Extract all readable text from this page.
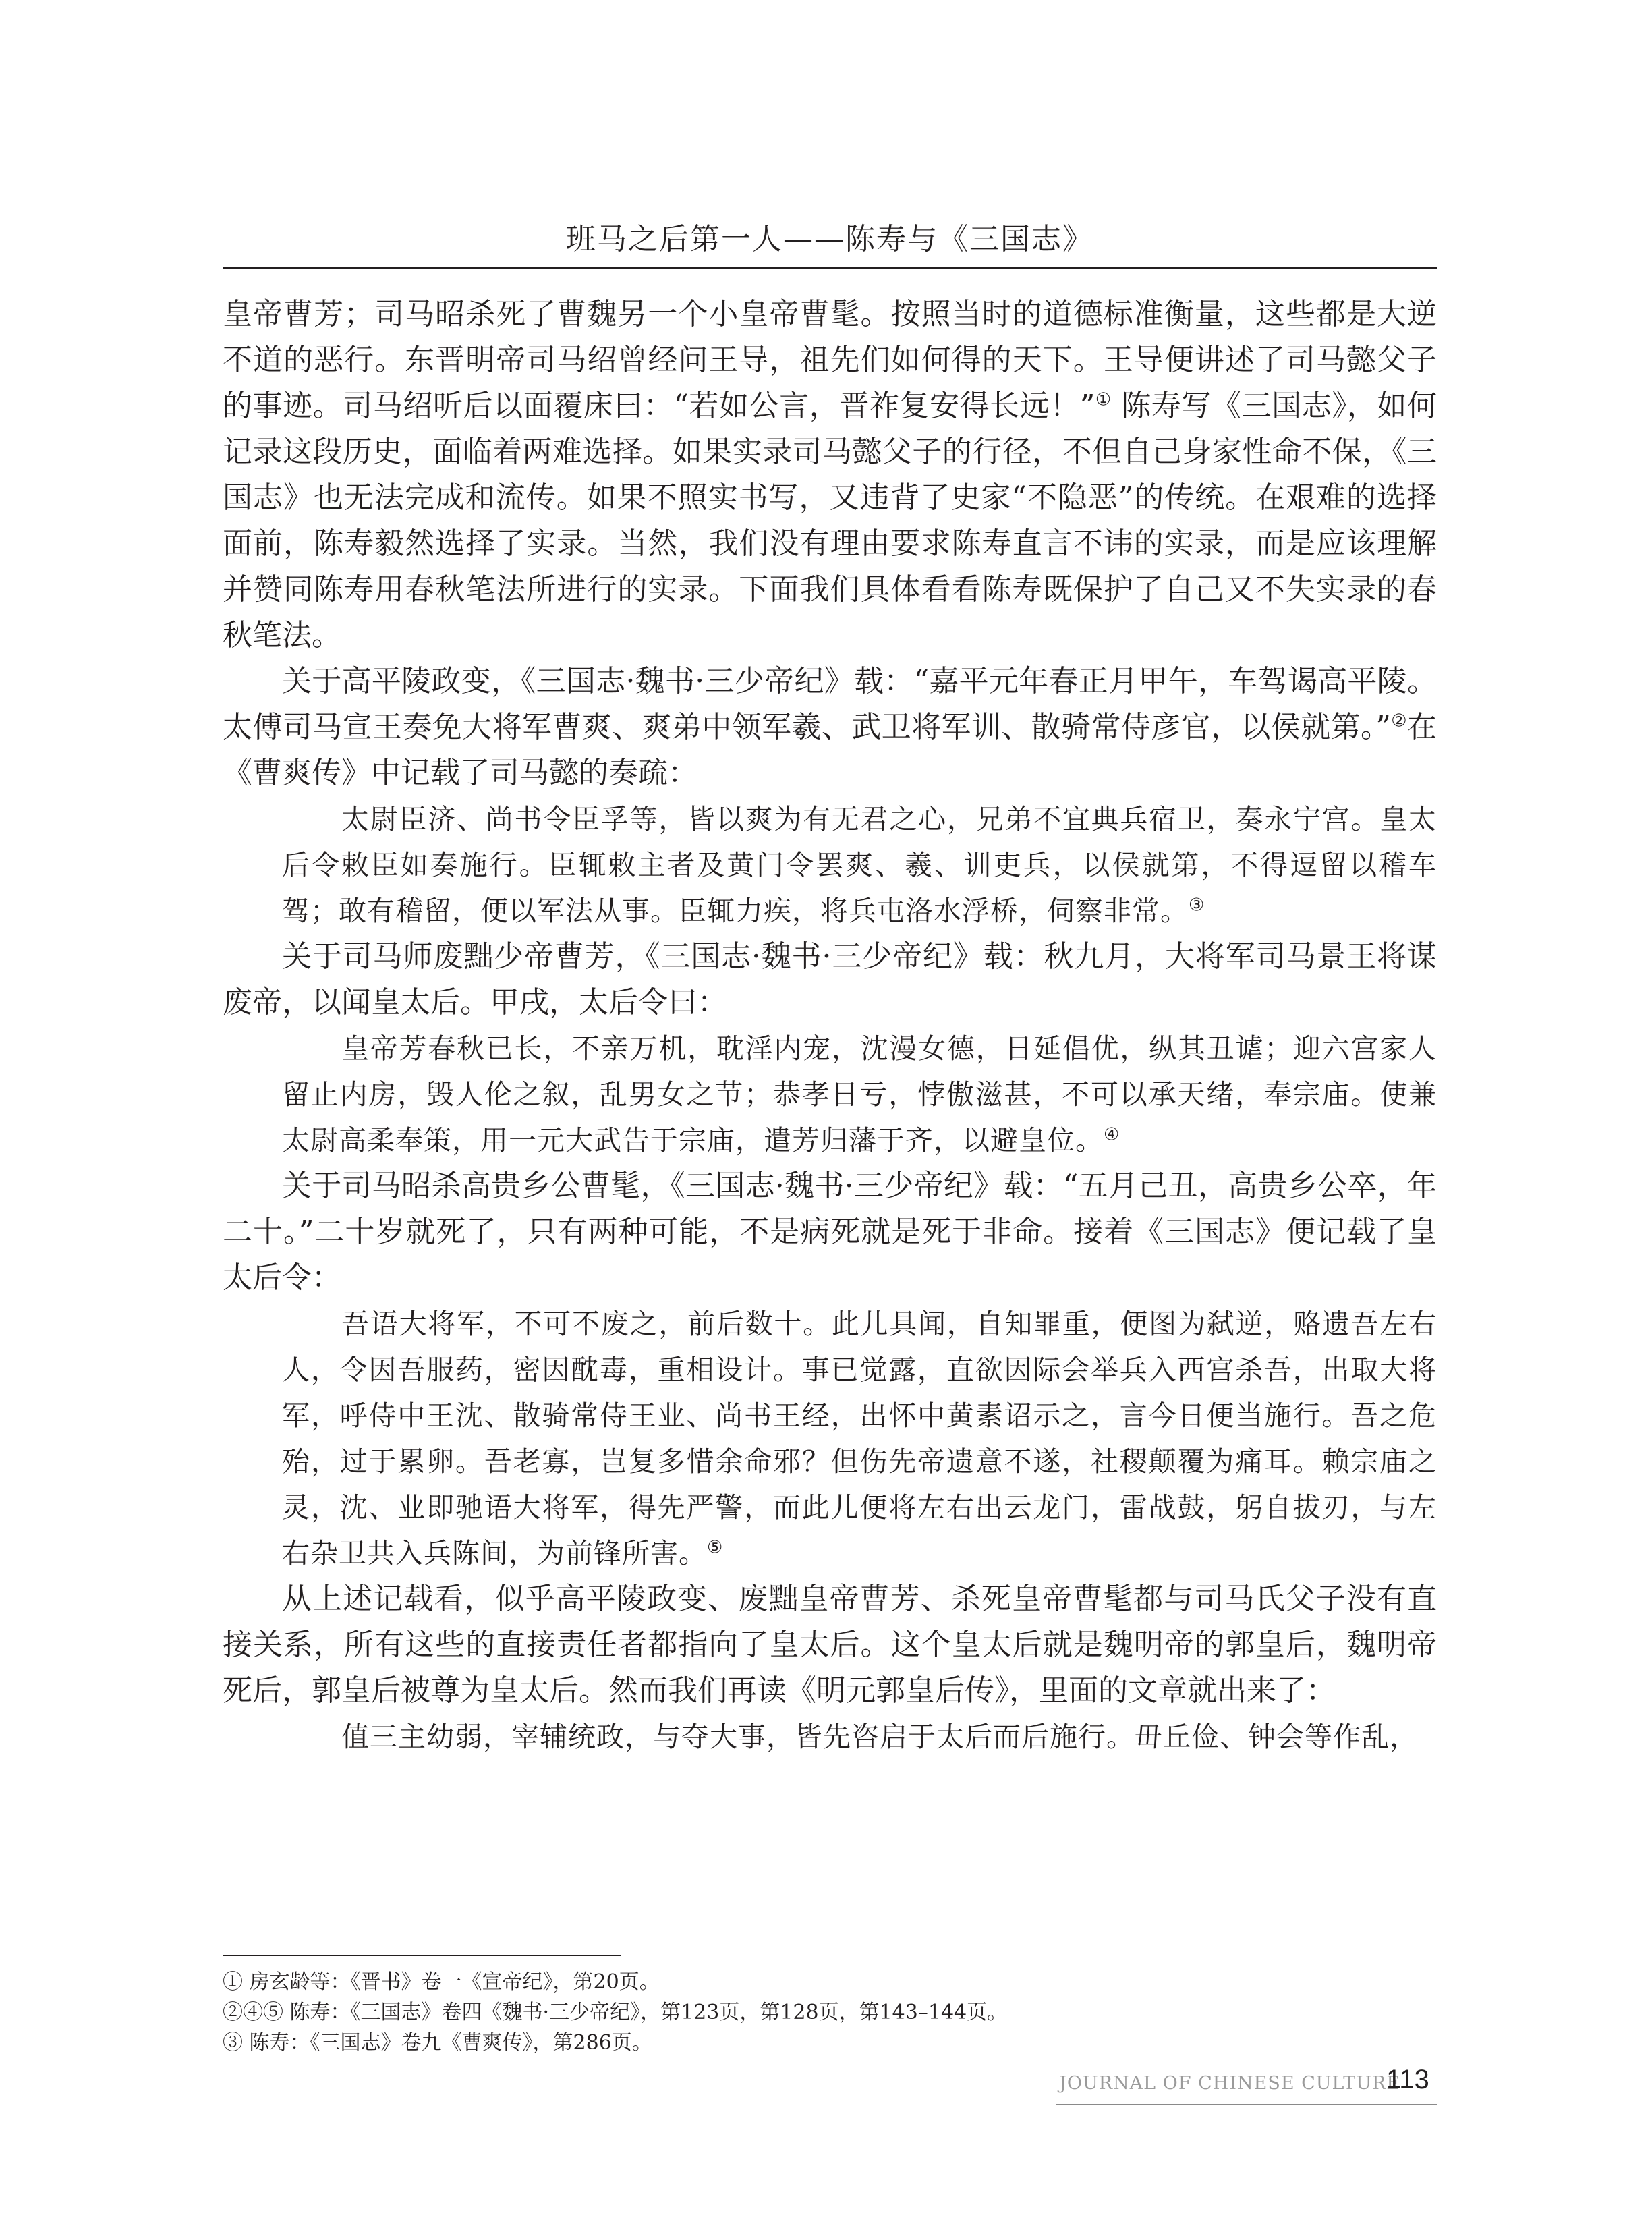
班马之后第一人——陈寿与《三国志》

皇帝曹芳；司马昭杀死了曹魏另一个小皇帝曹髦。按照当时的道德标准衡量，这些都是大逆不道的恶行。东晋明帝司马绍曾经问王导，祖先们如何得的天下。王导便讲述了司马懿父子的事迹。司马绍听后以面覆床曰：“若如公言，晋祚复安得长远！”① 陈寿写《三国志》，如何记录这段历史，面临着两难选择。如果实录司马懿父子的行径，不但自己身家性命不保，《三国志》也无法完成和流传。如果不照实书写，又违背了史家“不隐恶”的传统。在艰难的选择面前，陈寿毅然选择了实录。当然，我们没有理由要求陈寿直言不讳的实录，而是应该理解并赞同陈寿用春秋笔法所进行的实录。下面我们具体看看陈寿既保护了自己又不失实录的春秋笔法。

关于高平陵政变，《三国志·魏书·三少帝纪》载：“嘉平元年春正月甲午，车驾谒高平陵。太傅司马宣王奏免大将军曹爽、爽弟中领军羲、武卫将军训、散骑常侍彦官，以侯就第。”②在《曹爽传》中记载了司马懿的奏疏：

太尉臣济、尚书令臣孚等，皆以爽为有无君之心，兄弟不宜典兵宿卫，奏永宁宫。皇太后令敕臣如奏施行。臣辄敕主者及黄门令罢爽、羲、训吏兵，以侯就第，不得逗留以稽车驾；敢有稽留，便以军法从事。臣辄力疾，将兵屯洛水浮桥，伺察非常。③

关于司马师废黜少帝曹芳，《三国志·魏书·三少帝纪》载：秋九月，大将军司马景王将谋废帝，以闻皇太后。甲戌，太后令曰：

皇帝芳春秋已长，不亲万机，耽淫内宠，沈漫女德，日延倡优，纵其丑谑；迎六宫家人留止内房，毁人伦之叙，乱男女之节；恭孝日亏，悖傲滋甚，不可以承天绪，奉宗庙。使兼太尉高柔奉策，用一元大武告于宗庙，遣芳归藩于齐，以避皇位。④

关于司马昭杀高贵乡公曹髦，《三国志·魏书·三少帝纪》载：“五月己丑，高贵乡公卒，年二十。”二十岁就死了，只有两种可能，不是病死就是死于非命。接着《三国志》便记载了皇太后令：

吾语大将军，不可不废之，前后数十。此儿具闻，自知罪重，便图为弑逆，赂遗吾左右人，令因吾服药，密因酖毒，重相设计。事已觉露，直欲因际会举兵入西宫杀吾，出取大将军，呼侍中王沈、散骑常侍王业、尚书王经，出怀中黄素诏示之，言今日便当施行。吾之危殆，过于累卵。吾老寡，岂复多惜余命邪？但伤先帝遗意不遂，社稷颠覆为痛耳。赖宗庙之灵，沈、业即驰语大将军，得先严警，而此儿便将左右出云龙门，雷战鼓，躬自拔刃，与左右杂卫共入兵陈间，为前锋所害。⑤

从上述记载看，似乎高平陵政变、废黜皇帝曹芳、杀死皇帝曹髦都与司马氏父子没有直接关系，所有这些的直接责任者都指向了皇太后。这个皇太后就是魏明帝的郭皇后，魏明帝死后，郭皇后被尊为皇太后。然而我们再读《明元郭皇后传》，里面的文章就出来了：

值三主幼弱，宰辅统政，与夺大事，皆先咨启于太后而后施行。毌丘俭、钟会等作乱，

① 房玄龄等：《晋书》卷一《宣帝纪》，第20页。

②④⑤ 陈寿：《三国志》卷四《魏书·三少帝纪》，第123页，第128页，第143–144页。

③ 陈寿：《三国志》卷九《曹爽传》，第286页。

JOURNAL OF CHINESE CULTURE
113
